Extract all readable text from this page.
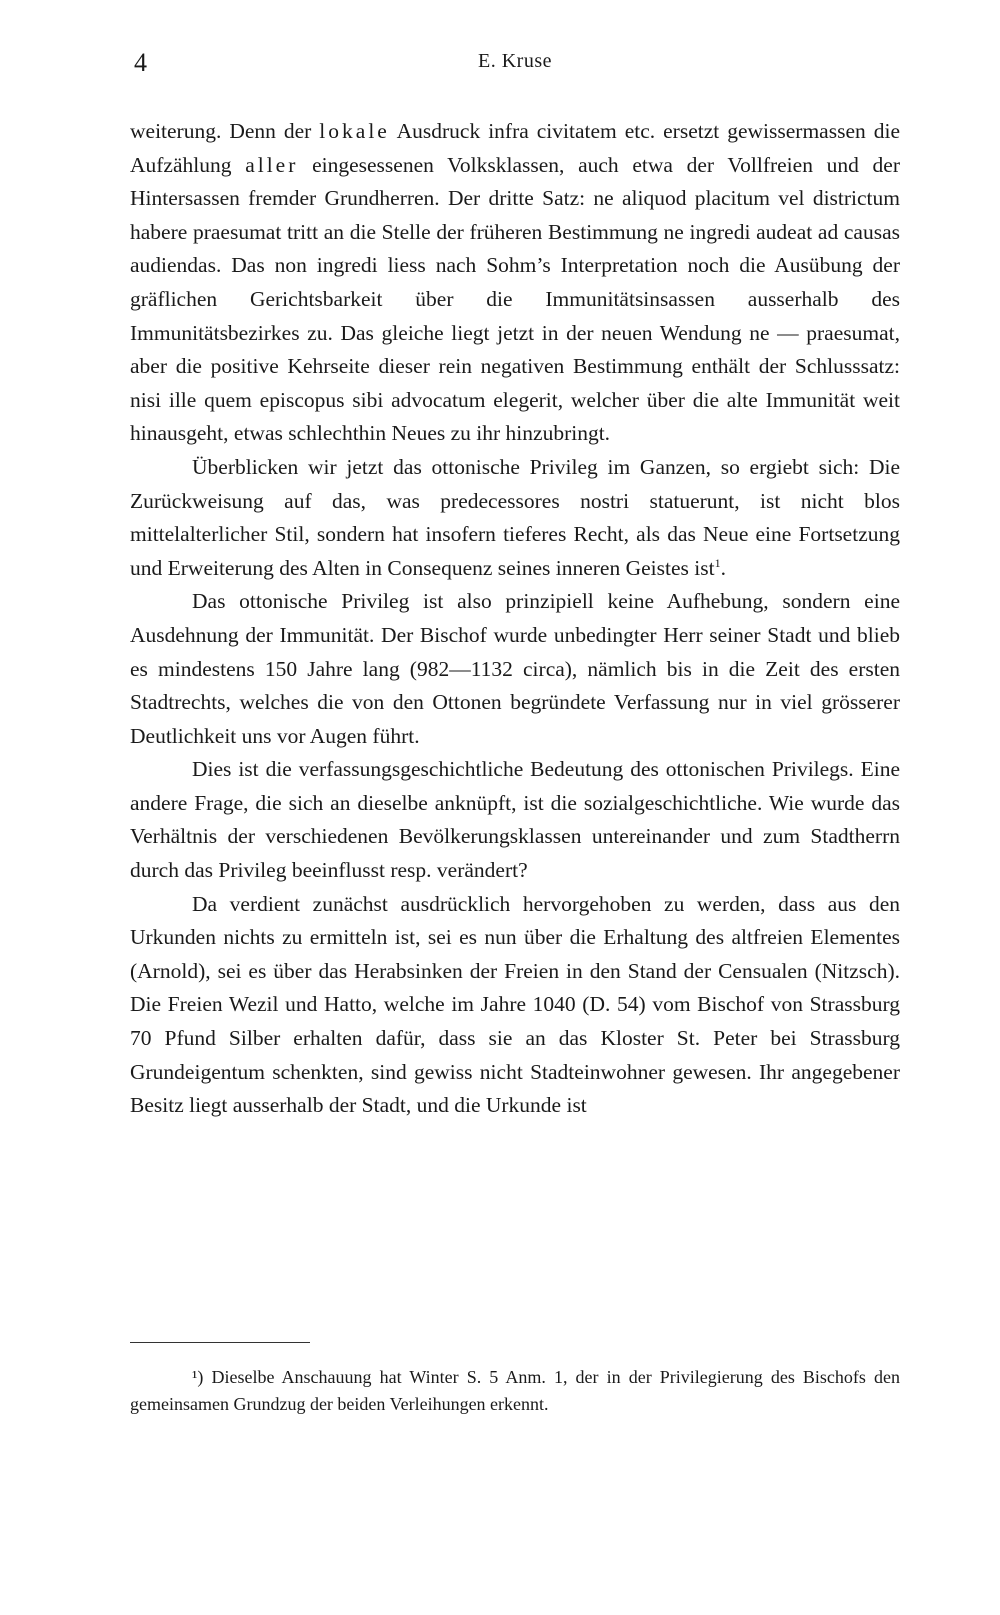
4	E. Kruse

weiterung. Denn der lokale Ausdruck infra civitatem etc. ersetzt gewissermassen die Aufzählung aller eingesessenen Volksklassen, auch etwa der Vollfreien und der Hintersassen fremder Grundherren. Der dritte Satz: ne aliquod placitum vel districtum habere praesumat tritt an die Stelle der früheren Bestimmung ne ingredi audeat ad causas audiendas. Das non ingredi liess nach Sohm’s Interpretation noch die Ausübung der gräflichen Gerichtsbarkeit über die Immunitätsinsassen ausserhalb des Immunitätsbezirkes zu. Das gleiche liegt jetzt in der neuen Wendung ne — praesumat, aber die positive Kehrseite dieser rein negativen Bestimmung enthält der Schlusssatz: nisi ille quem episcopus sibi advocatum elegerit, welcher über die alte Immunität weit hinausgeht, etwas schlechthin Neues zu ihr hinzubringt.

Überblicken wir jetzt das ottonische Privileg im Ganzen, so ergiebt sich: Die Zurückweisung auf das, was predecessores nostri statuerunt, ist nicht blos mittelalterlicher Stil, sondern hat insofern tieferes Recht, als das Neue eine Fortsetzung und Erweiterung des Alten in Consequenz seines inneren Geistes ist$^1$.

Das ottonische Privileg ist also prinzipiell keine Aufhebung, sondern eine Ausdehnung der Immunität. Der Bischof wurde unbedingter Herr seiner Stadt und blieb es mindestens 150 Jahre lang (982—1132 circa), nämlich bis in die Zeit des ersten Stadtrechts, welches die von den Ottonen begründete Verfassung nur in viel grösserer Deutlichkeit uns vor Augen führt.

Dies ist die verfassungsgeschichtliche Bedeutung des ottonischen Privilegs. Eine andere Frage, die sich an dieselbe anknüpft, ist die sozialgeschichtliche. Wie wurde das Verhältnis der verschiedenen Bevölkerungsklassen untereinander und zum Stadtherrn durch das Privileg beeinflusst resp. verändert?

Da verdient zunächst ausdrücklich hervorgehoben zu werden, dass aus den Urkunden nichts zu ermitteln ist, sei es nun über die Erhaltung des altfreien Elementes (Arnold), sei es über das Herabsinken der Freien in den Stand der Censualen (Nitzsch). Die Freien Wezil und Hatto, welche im Jahre 1040 (D. 54) vom Bischof von Strassburg 70 Pfund Silber erhalten dafür, dass sie an das Kloster St. Peter bei Strassburg Grundeigentum schenkten, sind gewiss nicht Stadteinwohner gewesen. Ihr angegebener Besitz liegt ausserhalb der Stadt, und die Urkunde ist

¹) Dieselbe Anschauung hat Winter S. 5 Anm. 1, der in der Privilegierung des Bischofs den gemeinsamen Grundzug der beiden Verleihungen erkennt.
